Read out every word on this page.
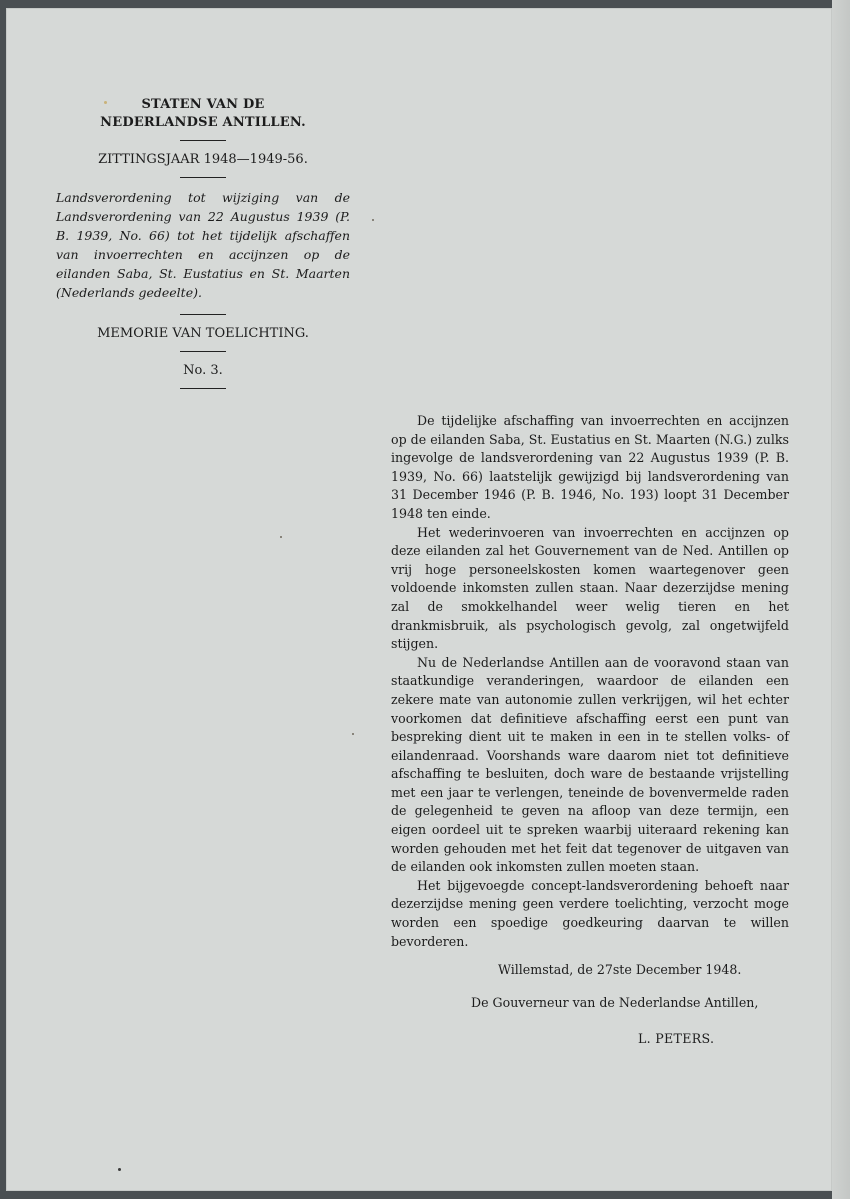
STATEN VAN DE
NEDERLANDSE ANTILLEN.
ZITTINGSJAAR 1948—1949-56.
Landsverordening tot wijziging van de Landsverordening van 22 Augustus 1939 (P. B. 1939, No. 66) tot het tijdelijk afschaffen van invoerrechten en accijnzen op de eilanden Saba, St. Eustatius en St. Maarten (Nederlands gedeelte).
MEMORIE VAN TOELICHTING.
No. 3.

De tijdelijke afschaffing van invoerrechten en accijnzen op de eilanden Saba, St. Eustatius en St. Maarten (N.G.) zulks ingevolge de landsverordening van 22 Augustus 1939 (P. B. 1939, No. 66) laatstelijk gewijzigd bij landsverordening van 31 December 1946 (P. B. 1946, No. 193) loopt 31 December 1948 ten einde.

Het wederinvoeren van invoerrechten en accijnzen op deze eilanden zal het Gouvernement van de Ned. Antillen op vrij hoge personeelskosten komen waartegenover geen voldoende inkomsten zullen staan. Naar dezerzijdse mening zal de smokkelhandel weer welig tieren en het drankmisbruik, als psychologisch gevolg, zal ongetwijfeld stijgen.

Nu de Nederlandse Antillen aan de vooravond staan van staatkundige veranderingen, waardoor de eilanden een zekere mate van autonomie zullen verkrijgen, wil het echter voorkomen dat definitieve afschaffing eerst een punt van bespreking dient uit te maken in een in te stellen volks- of eilandenraad. Voorshands ware daarom niet tot definitieve afschaffing te besluiten, doch ware de bestaande vrijstelling met een jaar te verlengen, teneinde de bovenvermelde raden de gelegenheid te geven na afloop van deze termijn, een eigen oordeel uit te spreken waarbij uiteraard rekening kan worden gehouden met het feit dat tegenover de uitgaven van de eilanden ook inkomsten zullen moeten staan.

Het bijgevoegde concept-landsverordening behoeft naar dezerzijdse mening geen verdere toelichting, verzocht moge worden een spoedige goedkeuring daarvan te willen bevorderen.

Willemstad, de 27ste December 1948.

De Gouverneur van de Nederlandse Antillen,

L. PETERS.
